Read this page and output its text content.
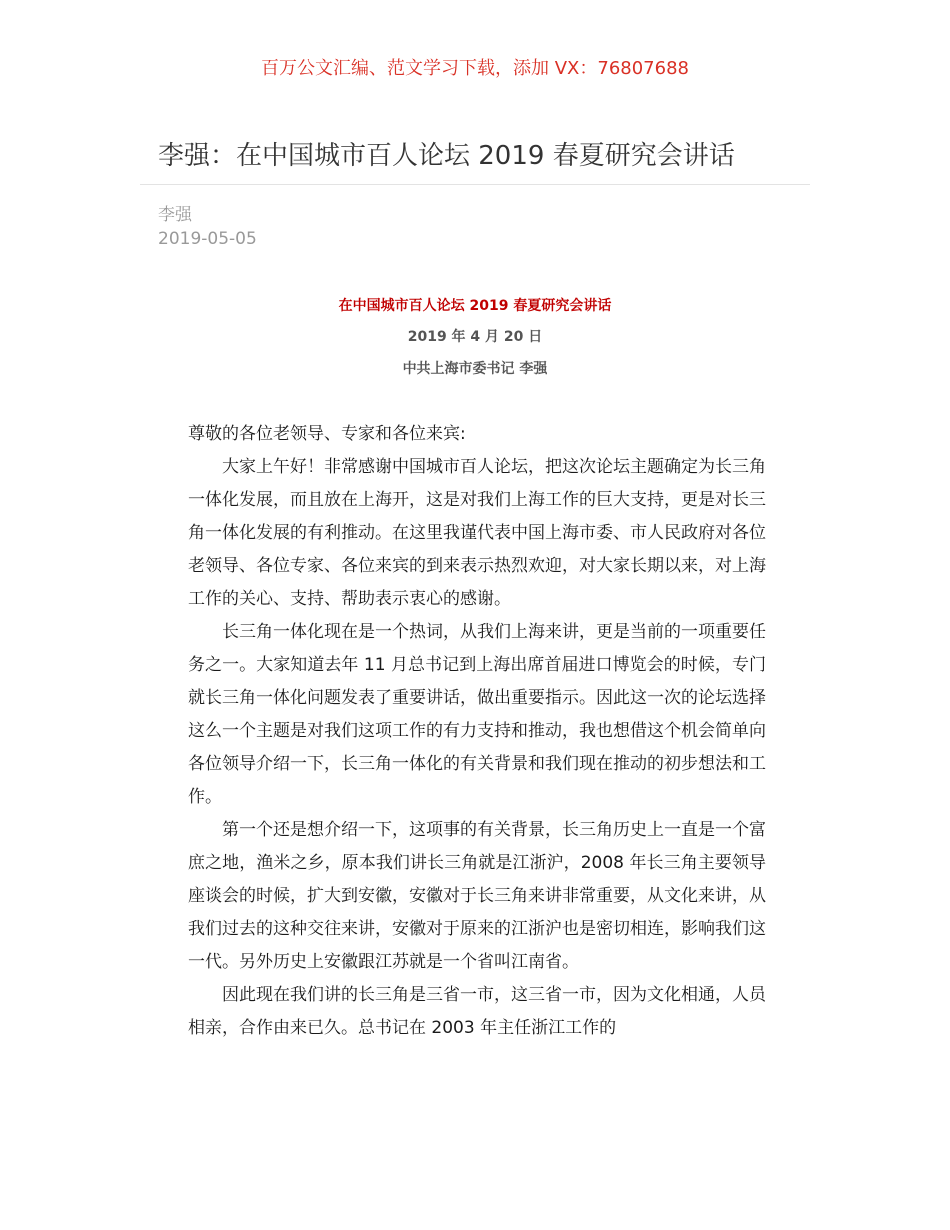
百万公文汇编、范文学习下载，添加 VX：76807688
李强：在中国城市百人论坛 2019 春夏研究会讲话
李强
2019-05-05
在中国城市百人论坛 2019 春夏研究会讲话
2019 年 4 月 20 日
中共上海市委书记 李强

尊敬的各位老领导、专家和各位来宾:

大家上午好！非常感谢中国城市百人论坛，把这次论坛主题确定为长三角一体化发展，而且放在上海开，这是对我们上海工作的巨大支持，更是对长三角一体化发展的有利推动。在这里我谨代表中国上海市委、市人民政府对各位老领导、各位专家、各位来宾的到来表示热烈欢迎，对大家长期以来，对上海工作的关心、支持、帮助表示衷心的感谢。

长三角一体化现在是一个热词，从我们上海来讲，更是当前的一项重要任务之一。大家知道去年 11 月总书记到上海出席首届进口博览会的时候，专门就长三角一体化问题发表了重要讲话，做出重要指示。因此这一次的论坛选择这么一个主题是对我们这项工作的有力支持和推动，我也想借这个机会简单向各位领导介绍一下，长三角一体化的有关背景和我们现在推动的初步想法和工作。

第一个还是想介绍一下，这项事的有关背景，长三角历史上一直是一个富庶之地，渔米之乡，原本我们讲长三角就是江浙沪，2008 年长三角主要领导座谈会的时候，扩大到安徽，安徽对于长三角来讲非常重要，从文化来讲，从我们过去的这种交往来讲，安徽对于原来的江浙沪也是密切相连，影响我们这一代。另外历史上安徽跟江苏就是一个省叫江南省。

因此现在我们讲的长三角是三省一市，这三省一市，因为文化相通，人员相亲，合作由来已久。总书记在 2003 年主任浙江工作的
